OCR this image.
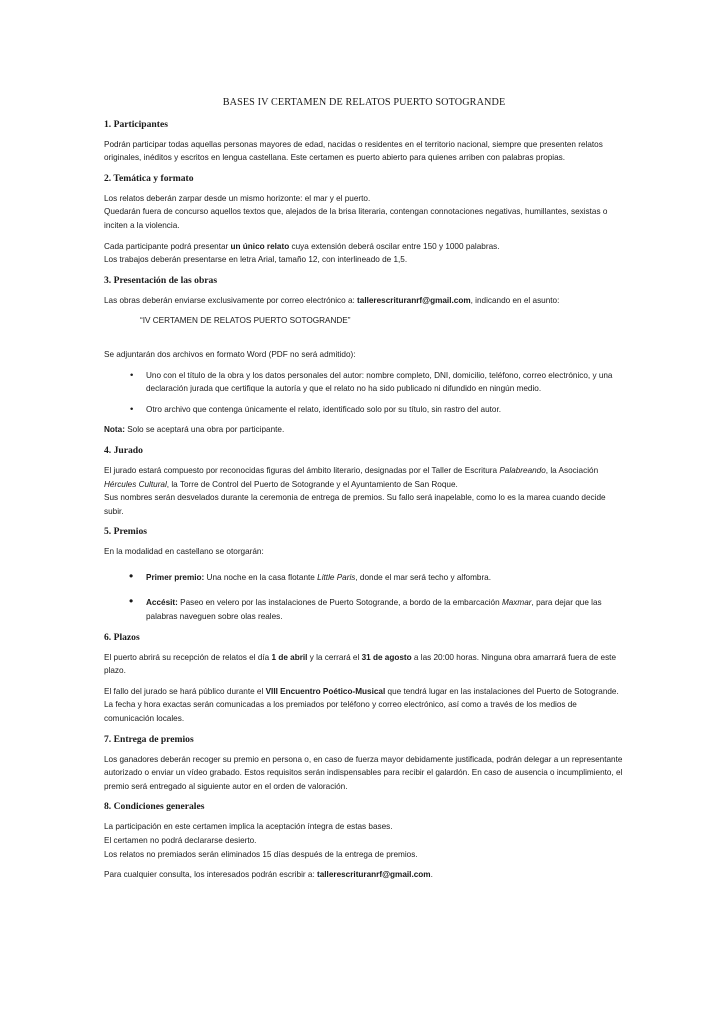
BASES IV CERTAMEN DE RELATOS PUERTO SOTOGRANDE
1. Participantes
Podrán participar todas aquellas personas mayores de edad, nacidas o residentes en el territorio nacional, siempre que presenten relatos originales, inéditos y escritos en lengua castellana. Este certamen es puerto abierto para quienes arriben con palabras propias.
2. Temática y formato
Los relatos deberán zarpar desde un mismo horizonte: el mar y el puerto.
Quedarán fuera de concurso aquellos textos que, alejados de la brisa literaria, contengan connotaciones negativas, humillantes, sexistas o inciten a la violencia.
Cada participante podrá presentar un único relato cuya extensión deberá oscilar entre 150 y 1000 palabras.
Los trabajos deberán presentarse en letra Arial, tamaño 12, con interlineado de 1,5.
3. Presentación de las obras
Las obras deberán enviarse exclusivamente por correo electrónico a: tallerescrituranrf@gmail.com, indicando en el asunto:
“IV CERTAMEN DE RELATOS PUERTO SOTOGRANDE”
Se adjuntarán dos archivos en formato Word (PDF no será admitido):
• Uno con el título de la obra y los datos personales del autor: nombre completo, DNI, domicilio, teléfono, correo electrónico, y una declaración jurada que certifique la autoría y que el relato no ha sido publicado ni difundido en ningún medio.
• Otro archivo que contenga únicamente el relato, identificado solo por su título, sin rastro del autor.
Nota: Solo se aceptará una obra por participante.
4. Jurado
El jurado estará compuesto por reconocidas figuras del ámbito literario, designadas por el Taller de Escritura Palabreando, la Asociación Hércules Cultural, la Torre de Control del Puerto de Sotogrande y el Ayuntamiento de San Roque.
Sus nombres serán desvelados durante la ceremonia de entrega de premios. Su fallo será inapelable, como lo es la marea cuando decide subir.
5. Premios
En la modalidad en castellano se otorgarán:
• Primer premio: Una noche en la casa flotante Little Paris, donde el mar será techo y alfombra.
• Accésit: Paseo en velero por las instalaciones de Puerto Sotogrande, a bordo de la embarcación Maxmar, para dejar que las palabras naveguen sobre olas reales.
6. Plazos
El puerto abrirá su recepción de relatos el día 1 de abril y la cerrará el 31 de agosto a las 20:00 horas. Ninguna obra amarrará fuera de este plazo.
El fallo del jurado se hará público durante el VIII Encuentro Poético-Musical que tendrá lugar en las instalaciones del Puerto de Sotogrande. La fecha y hora exactas serán comunicadas a los premiados por teléfono y correo electrónico, así como a través de los medios de comunicación locales.
7. Entrega de premios
Los ganadores deberán recoger su premio en persona o, en caso de fuerza mayor debidamente justificada, podrán delegar a un representante autorizado o enviar un vídeo grabado. Estos requisitos serán indispensables para recibir el galardón. En caso de ausencia o incumplimiento, el premio será entregado al siguiente autor en el orden de valoración.
8. Condiciones generales
La participación en este certamen implica la aceptación íntegra de estas bases.
El certamen no podrá declararse desierto.
Los relatos no premiados serán eliminados 15 días después de la entrega de premios.
Para cualquier consulta, los interesados podrán escribir a: tallerescrituranrf@gmail.com.
